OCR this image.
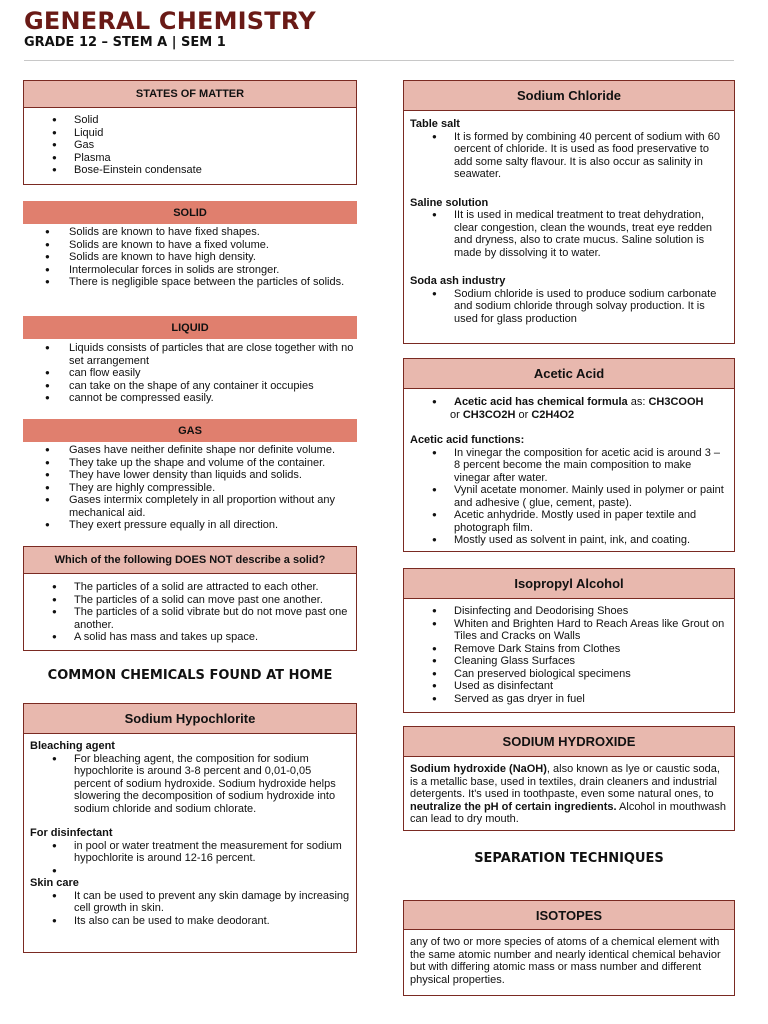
GENERAL CHEMISTRY
GRADE 12 – STEM A | SEM 1
STATES OF MATTER
● Solid
● Liquid
● Gas
● Plasma
● Bose-Einstein condensate
SOLID
● Solids are known to have fixed shapes.
● Solids are known to have a fixed volume.
● Solids are known to have high density.
● Intermolecular forces in solids are stronger.
● There is negligible space between the particles of solids.
LIQUID
● Liquids consists of particles that are close together with no set arrangement
● can flow easily
● can take on the shape of any container it occupies
● cannot be compressed easily.
GAS
● Gases have neither definite shape nor definite volume.
● They take up the shape and volume of the container.
● They have lower density than liquids and solids.
● They are highly compressible.
● Gases intermix completely in all proportion without any mechanical aid.
● They exert pressure equally in all direction.
Which of the following DOES NOT describe a solid?
● The particles of a solid are attracted to each other.
● The particles of a solid can move past one another.
● The particles of a solid vibrate but do not move past one another.
● A solid has mass and takes up space.
COMMON CHEMICALS FOUND AT HOME
Sodium Hypochlorite
Bleaching agent
● For bleaching agent, the composition for sodium hypochlorite is around 3-8 percent and 0,01-0,05 percent of sodium hydroxide. Sodium hydroxide helps slowering the decomposition of sodium hydroxide into sodium chloride and sodium chlorate.
For disinfectant
● in pool or water treatment the measurement for sodium hypochlorite is around 12-16 percent.
●
Skin care
● It can be used to prevent any skin damage by increasing cell growth in skin.
● Its also can be used to make deodorant.
Sodium Chloride
Table salt
● It is formed by combining 40 percent of sodium with 60 oercent of chloride. It is used as food preservative to add some salty flavour. It is also occur as salinity in seawater.
Saline solution
● IIt is used in medical treatment to treat dehydration, clear congestion, clean the wounds, treat eye redden and dryness, also to crate mucus. Saline solution is made by dissolving it to water.
Soda ash industry
● Sodium chloride is used to produce sodium carbonate and sodium chloride through solvay production. It is used for glass production
Acetic Acid
● Acetic acid has chemical formula as: CH3COOH
or CH3CO2H or C2H4O2
Acetic acid functions:
● In vinegar the composition for acetic acid is around 3 – 8 percent become the main composition to make vinegar after water.
● Vynil acetate monomer. Mainly used in polymer or paint and adhesive ( glue, cement, paste).
● Acetic anhydride. Mostly used in paper textile and photograph film.
● Mostly used as solvent in paint, ink, and coating.
Isopropyl Alcohol
● Disinfecting and Deodorising Shoes
● Whiten and Brighten Hard to Reach Areas like Grout on Tiles and Cracks on Walls
● Remove Dark Stains from Clothes
● Cleaning Glass Surfaces
● Can preserved biological specimens
● Used as disinfectant
● Served as gas dryer in fuel
SODIUM HYDROXIDE

Sodium hydroxide (NaOH), also known as lye or caustic soda, is a metallic base, used in textiles, drain cleaners and industrial detergents. It's used in toothpaste, even some natural ones, to neutralize the pH of certain ingredients. Alcohol in mouthwash can lead to dry mouth.

SEPARATION TECHNIQUES
ISOTOPES

any of two or more species of atoms of a chemical element with the same atomic number and nearly identical chemical behavior but with differing atomic mass or mass number and different physical properties.
